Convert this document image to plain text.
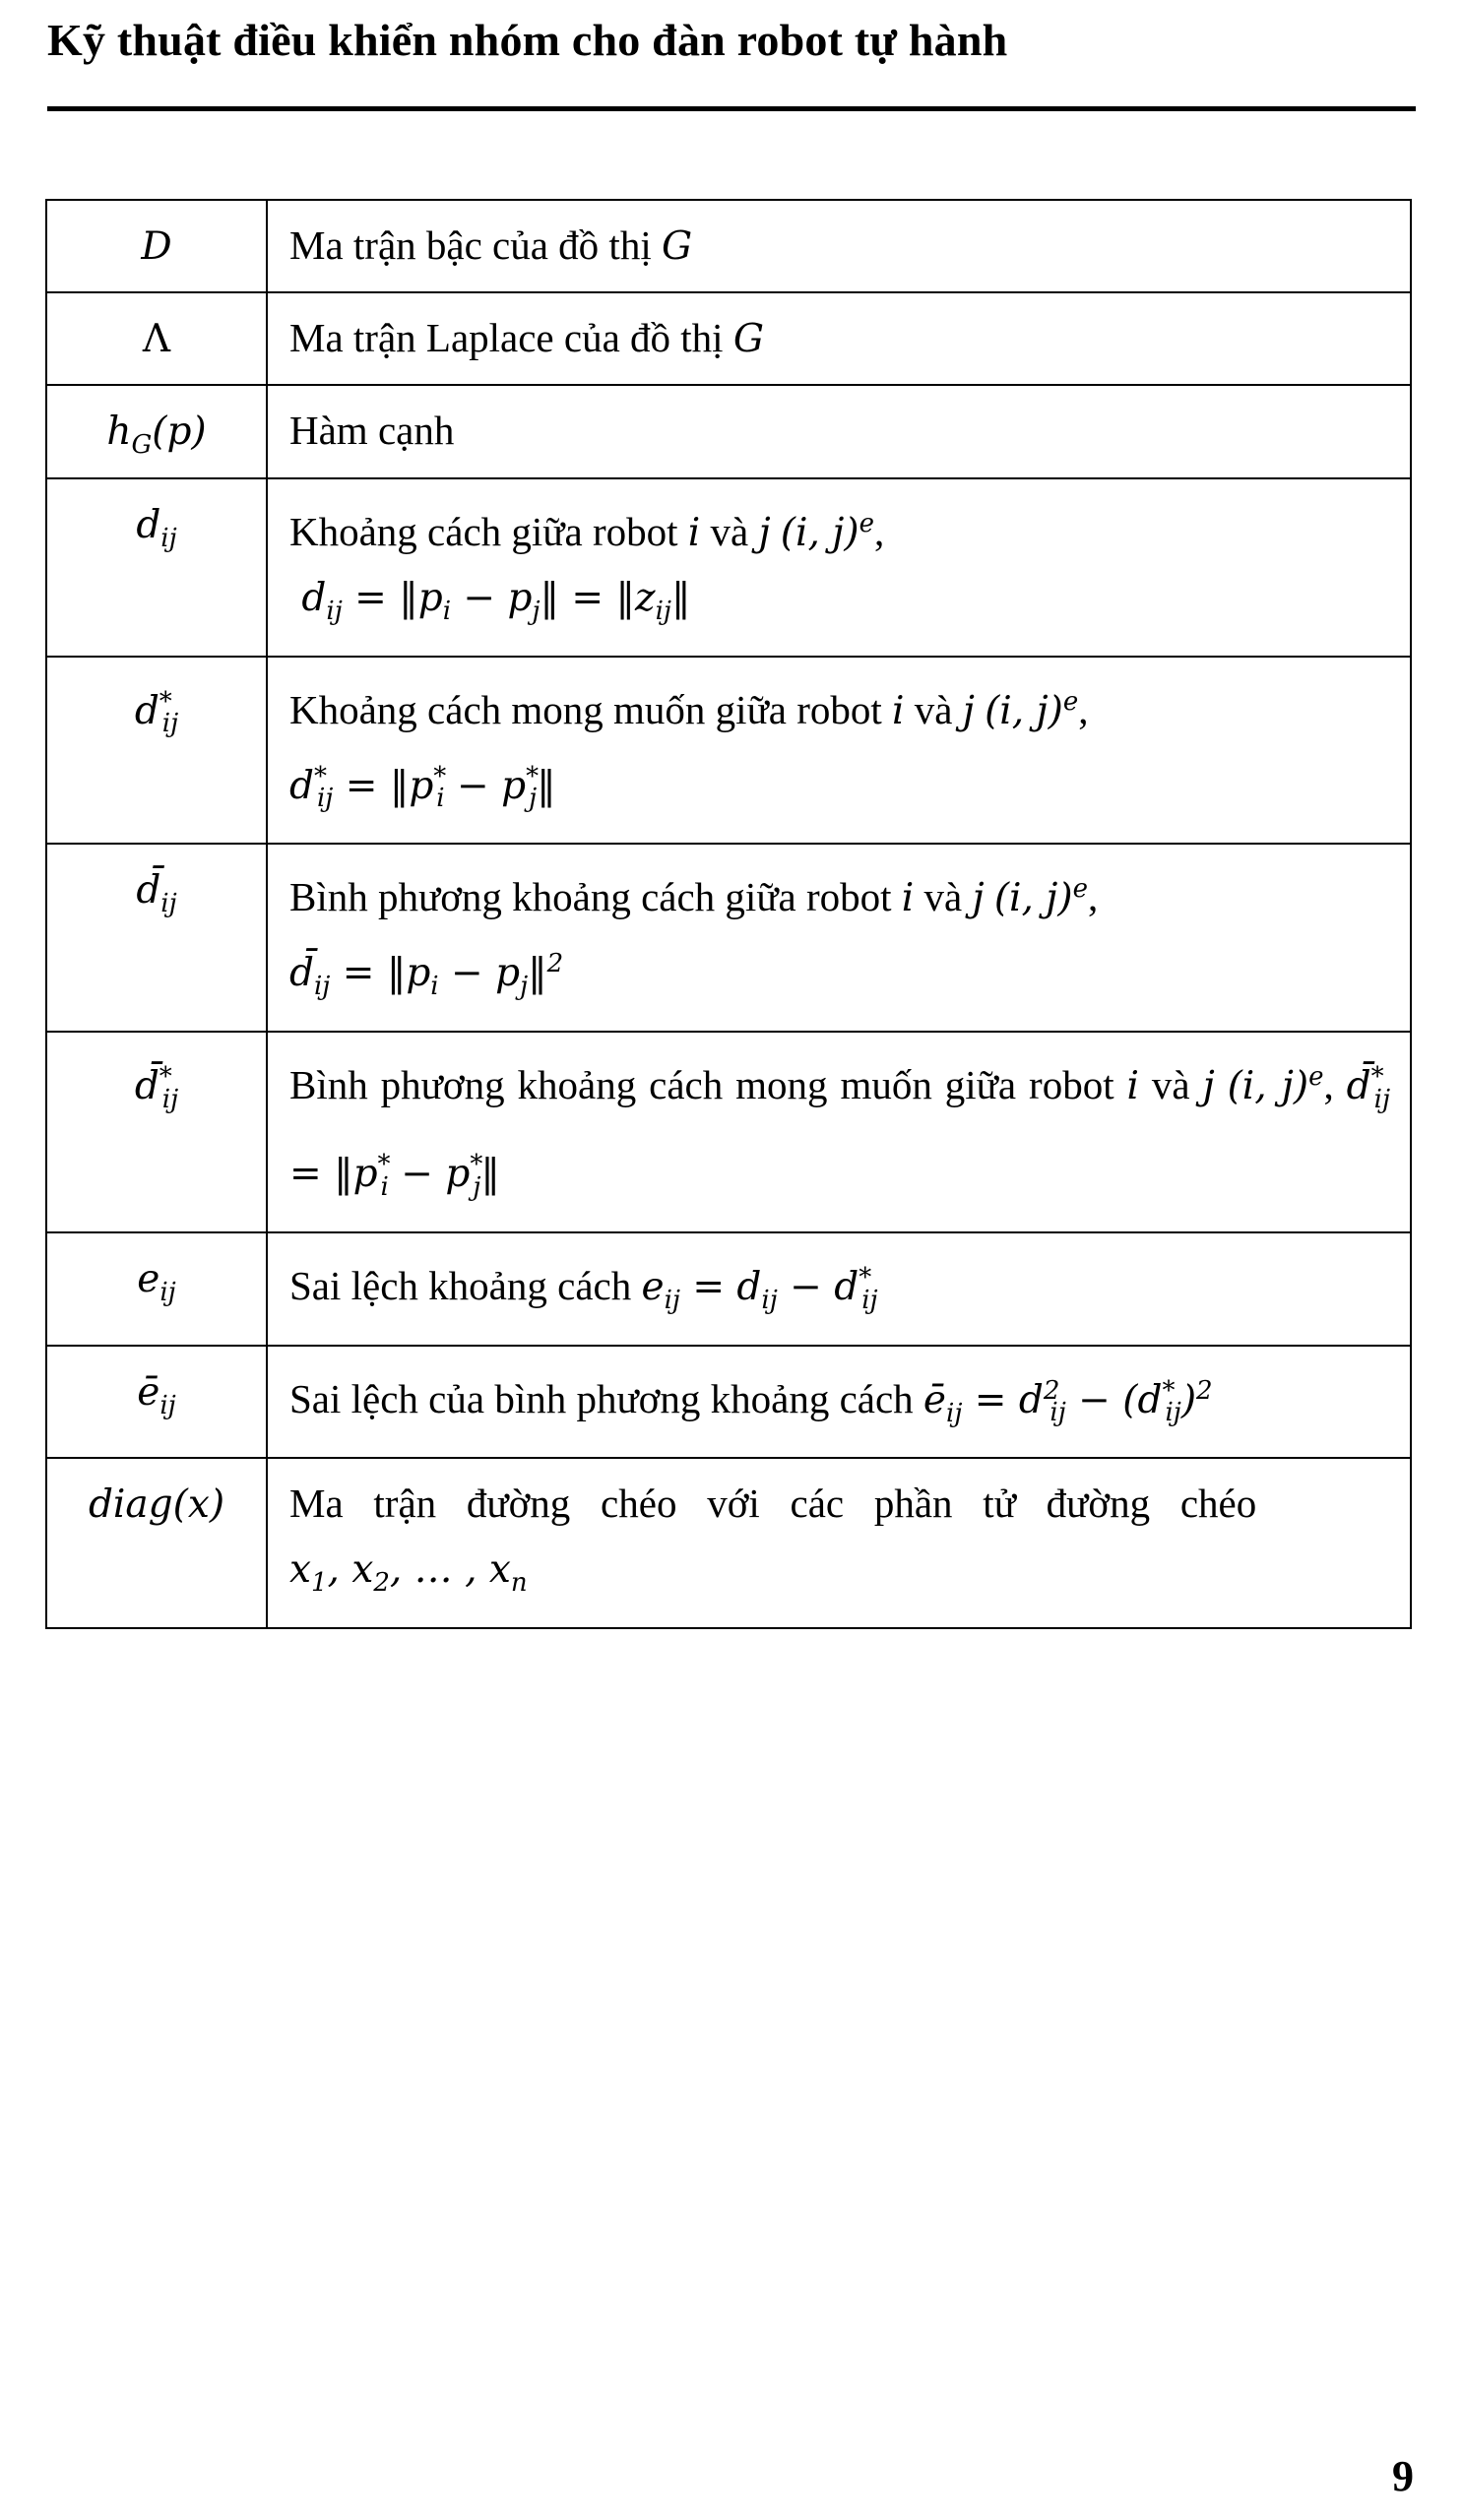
Kỹ thuật điều khiển nhóm cho đàn robot tự hành
D	Ma trận bậc của đồ thị G
Λ	Ma trận Laplace của đồ thị G
$h_G(p)$	Hàm cạnh
$d_{ij}$	Khoảng cách giữa robot i và j (i, j)$^e$,

$d_{ij}$ = $‖p_i$ − $p_j‖$ = $‖z_{ij}‖$

$d^*_{ij}$	Khoảng cách mong muốn giữa robot i và j (i, j)$^e$,

$d^*_{ij}$ = $‖p^*_i$ − $p^*_j‖$

$d̄_{ij}$	Bình phương khoảng cách giữa robot i và j (i, j)$^e$,

$d̄_{ij}$ = $‖p_i$ − $p_j‖^2$

$d̄^*_{ij}$	Bình phương khoảng cách mong muốn giữa robot i và j (i, j)$^e$, $d̄^*_{ij}$ = $‖p^*_i$ − $p^*_j‖$
$e_{ij}$	Sai lệch khoảng cách $e_{ij} = d_{ij} - d^*_{ij}$
$ē_{ij}$	Sai lệch của bình phương khoảng cách $ē_{ij} = d^2_{ij} - (d^*_{ij})^2$
diag(x)	Ma   trận   đường   chéo   với   các   phần   tử   đường   chéo
$x_1$, $x_2$, … , $x_n$
9
